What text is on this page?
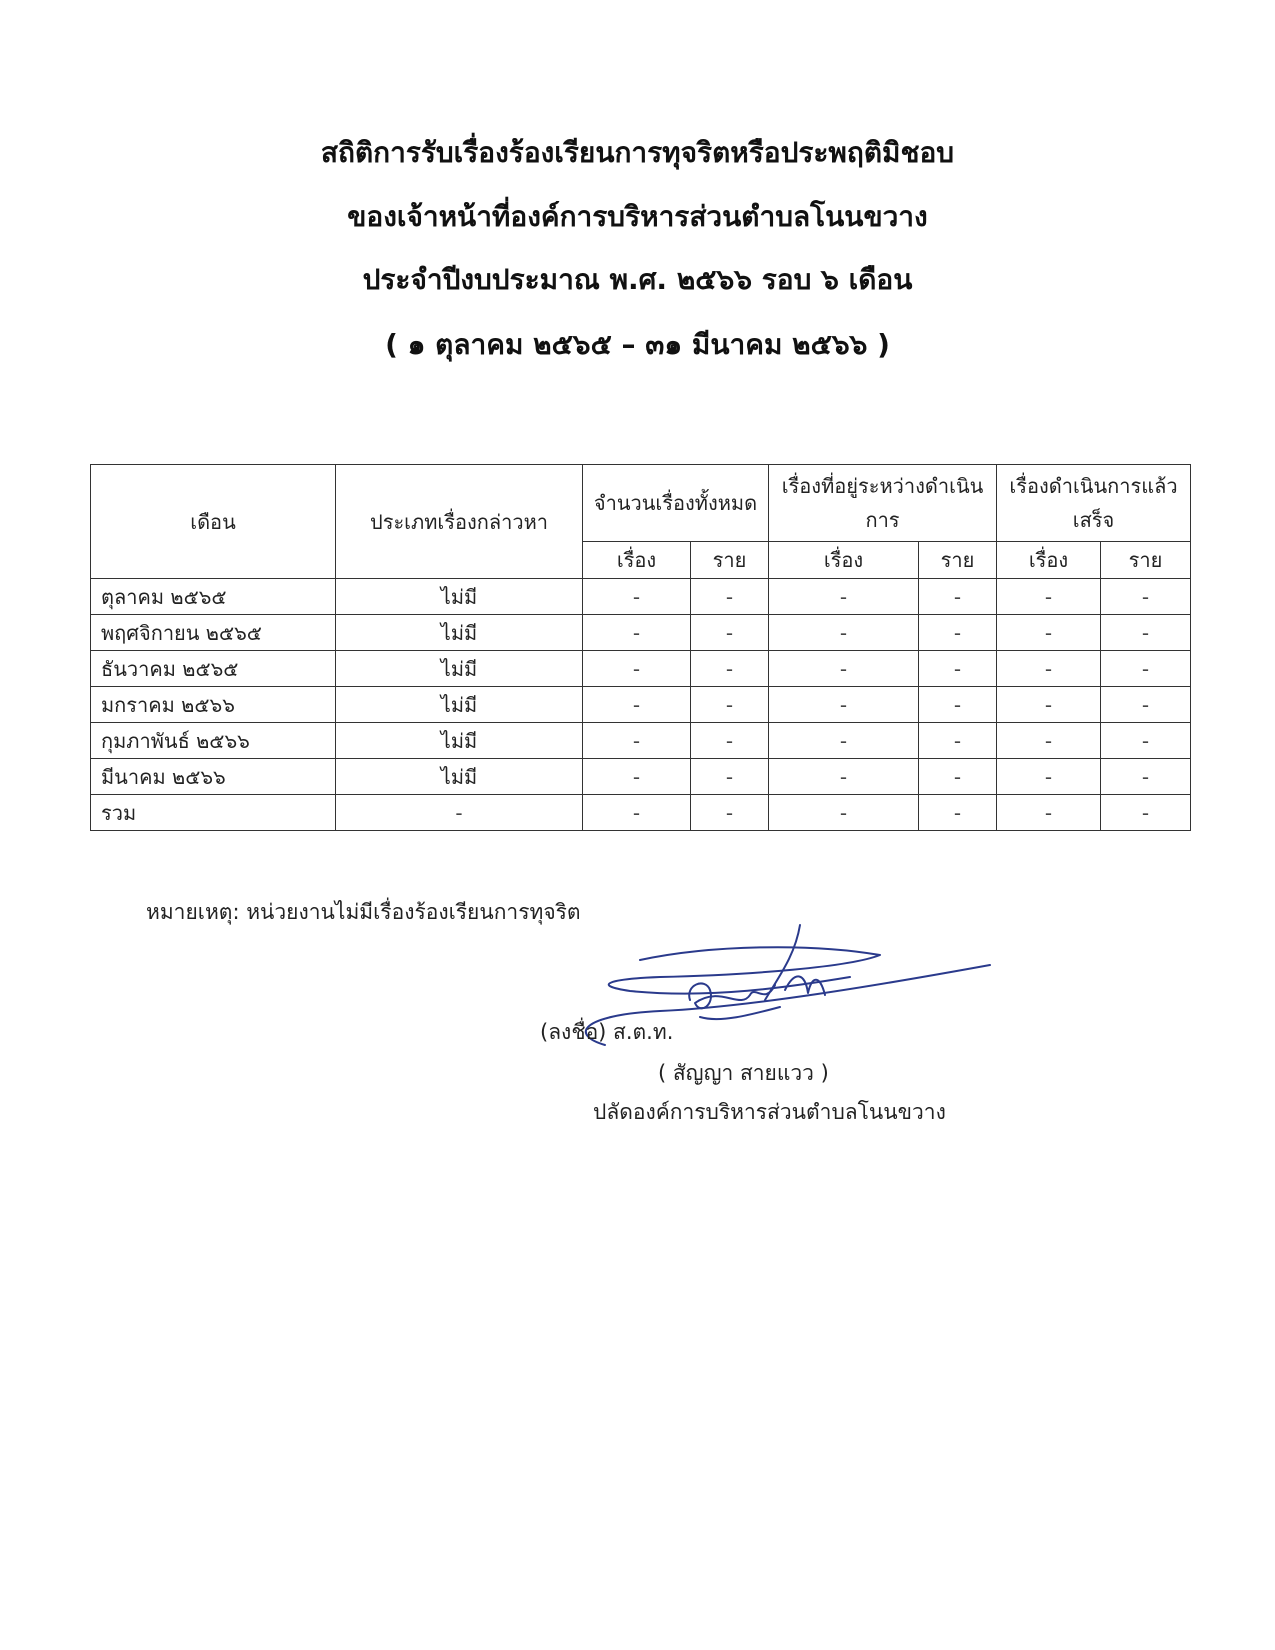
สถิติการรับเรื่องร้องเรียนการทุจริตหรือประพฤติมิชอบ
ของเจ้าหน้าที่องค์การบริหารส่วนตำบลโนนขวาง
ประจำปีงบประมาณ พ.ศ. ๒๕๖๖ รอบ ๖ เดือน
( ๑ ตุลาคม ๒๕๖๕ – ๓๑ มีนาคม ๒๕๖๖ )
เดือน	ประเภทเรื่องกล่าวหา	จำนวนเรื่องทั้งหมด		เรื่องที่อยู่ระหว่างดำเนินการ		เรื่องดำเนินการแล้วเสร็จ	
		เรื่อง	ราย	เรื่อง	ราย	เรื่อง	ราย
ตุลาคม ๒๕๖๕	ไม่มี	-	-	-	-	-	-
พฤศจิกายน ๒๕๖๕	ไม่มี	-	-	-	-	-	-
ธันวาคม ๒๕๖๕	ไม่มี	-	-	-	-	-	-
มกราคม ๒๕๖๖	ไม่มี	-	-	-	-	-	-
กุมภาพันธ์ ๒๕๖๖	ไม่มี	-	-	-	-	-	-
มีนาคม ๒๕๖๖	ไม่มี	-	-	-	-	-	-
รวม	-	-	-	-	-	-	-
หมายเหตุ: หน่วยงานไม่มีเรื่องร้องเรียนการทุจริต
(ลงชื่อ) ส.ต.ท.
( สัญญา สายแวว )
ปลัดองค์การบริหารส่วนตำบลโนนขวาง
